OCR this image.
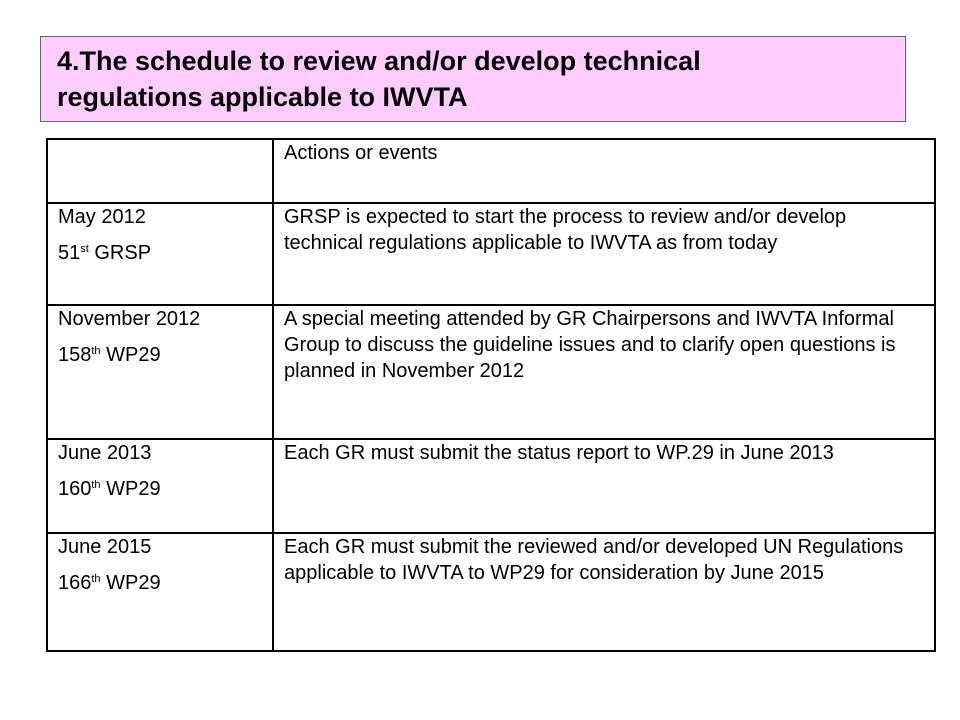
4.The schedule to review and/or develop technical
regulations applicable to IWVTA
	Actions or events

May 2012
51st GRSP	GRSP is expected to start the process to review and/or develop technical regulations applicable to IWVTA as from today

November 2012
158th WP29	A special meeting attended by GR Chairpersons and IWVTA Informal Group to discuss the guideline issues and to clarify open questions is planned in November 2012

June 2013
160th WP29	Each GR must submit the status report to WP.29 in June 2013

June 2015
166th WP29	Each GR must submit the reviewed and/or developed UN Regulations applicable to IWVTA to WP29 for consideration by June 2015
